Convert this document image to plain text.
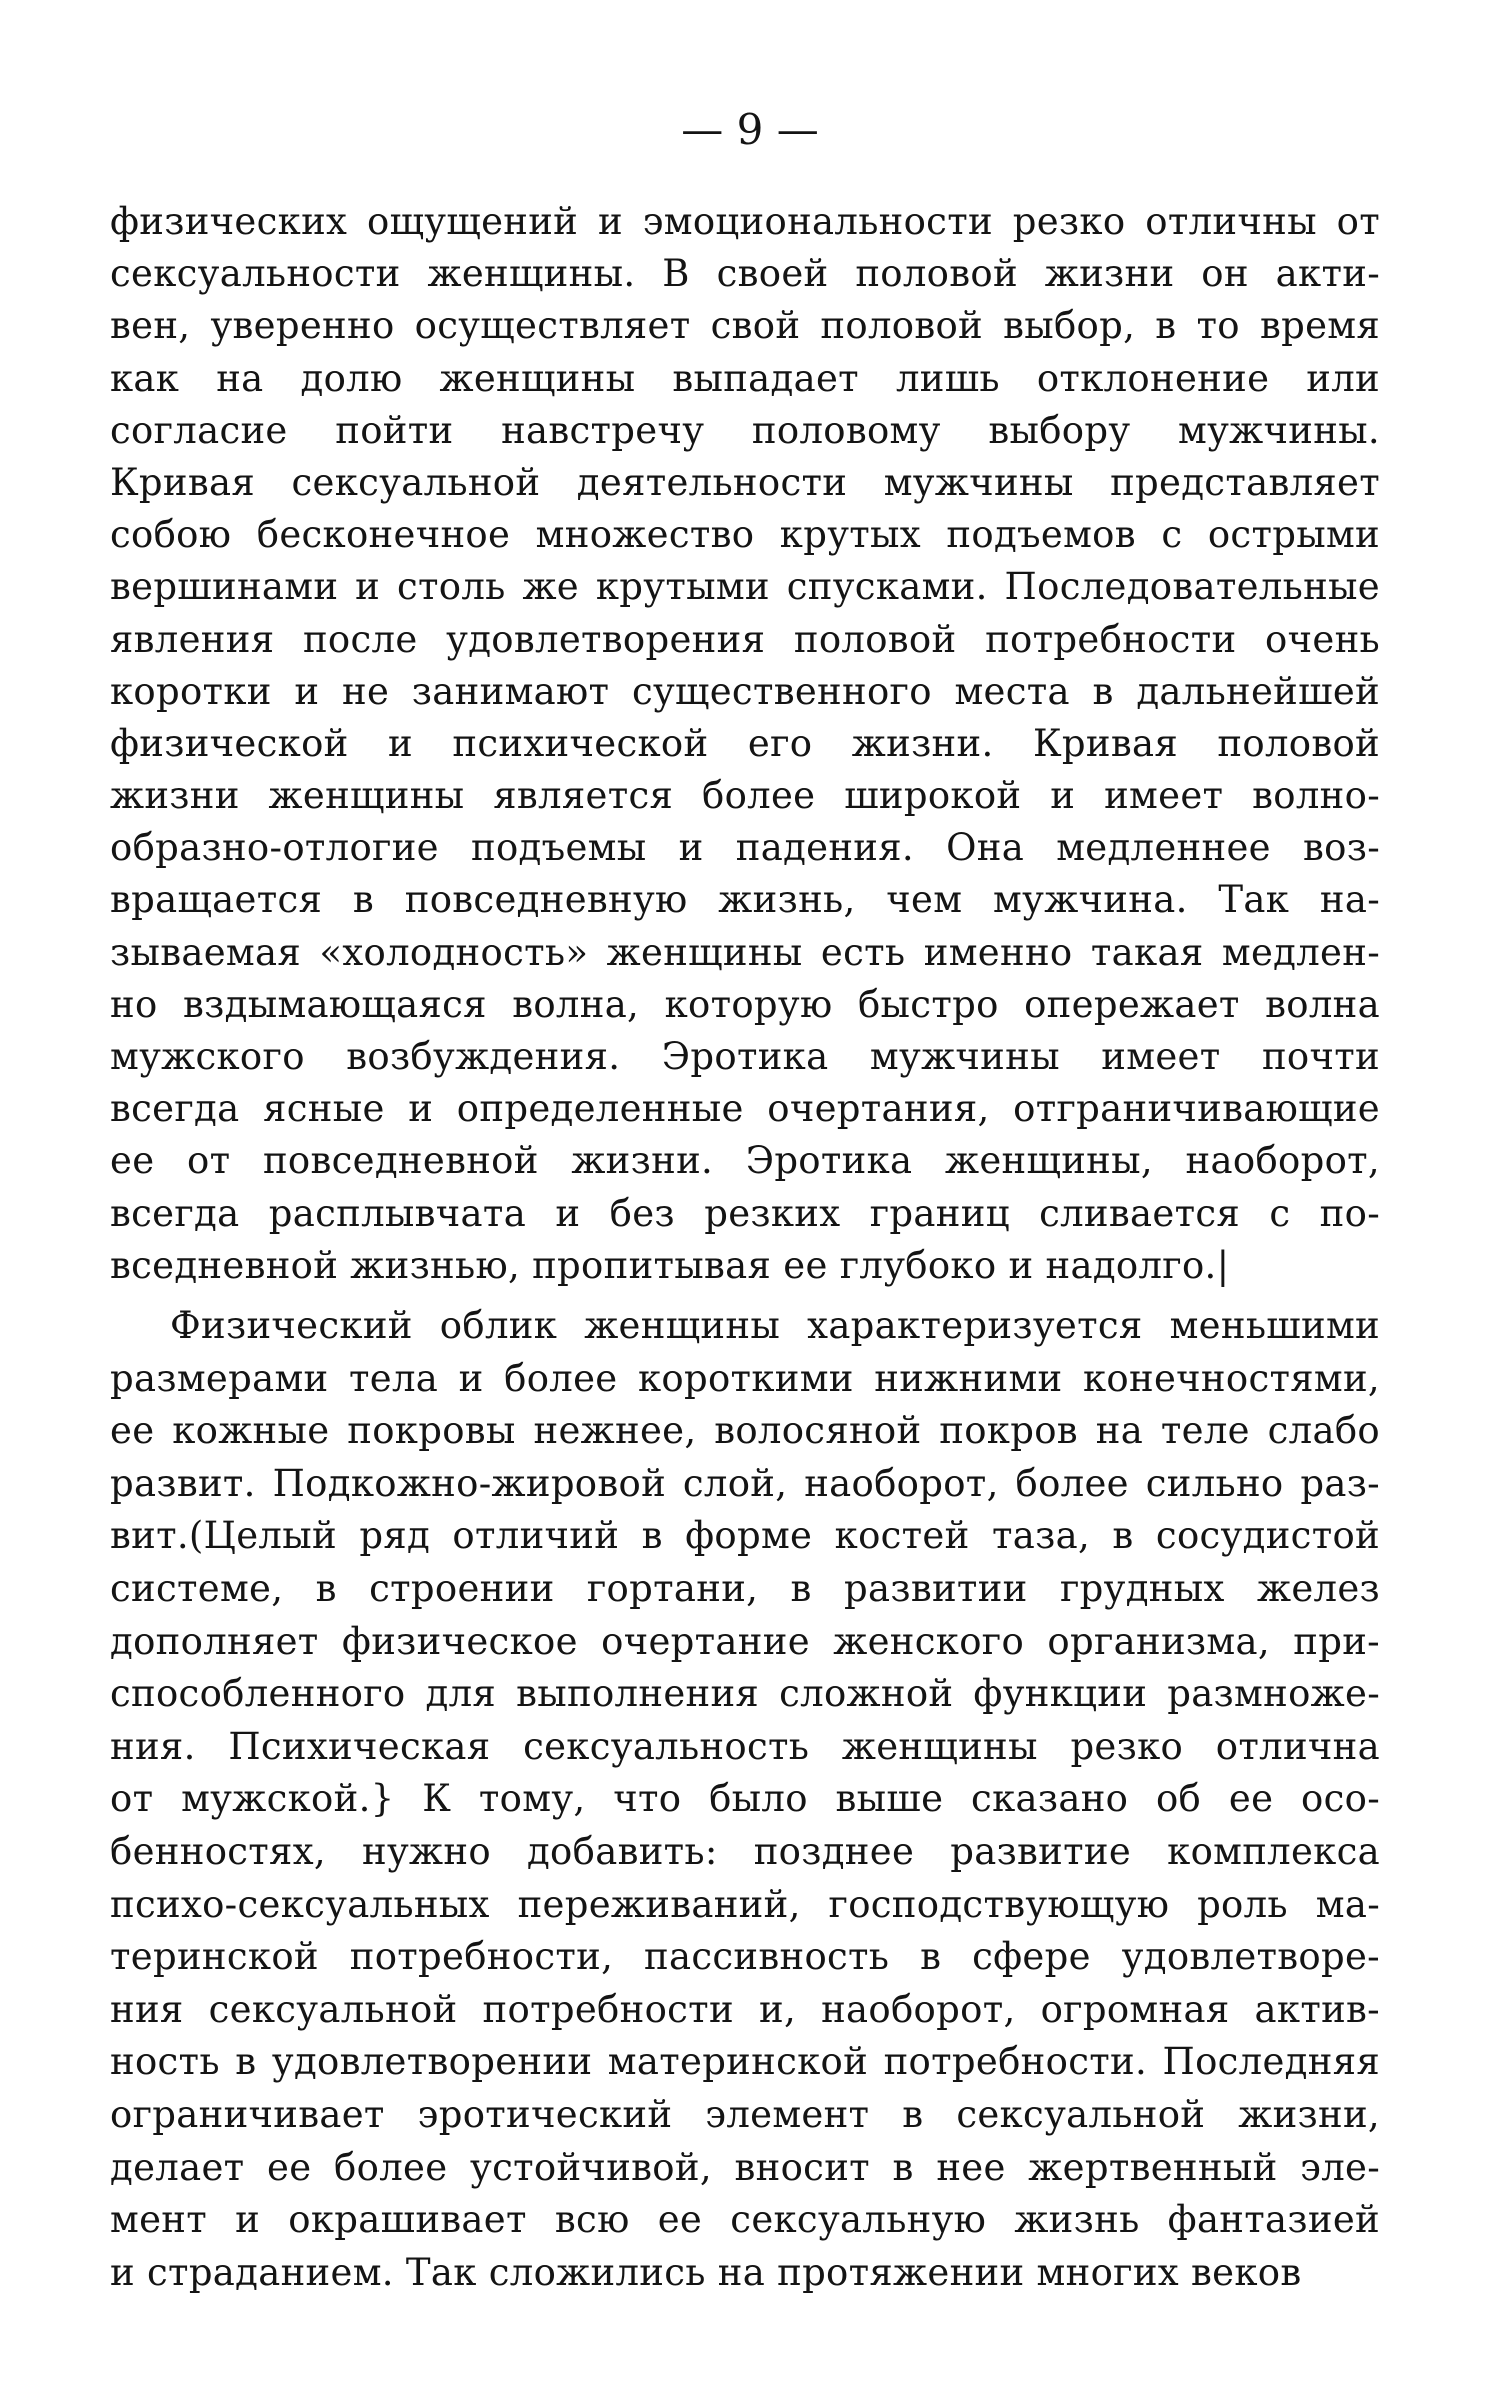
— 9 —
физических ощущений и эмоциональности резко отличны от
сексуальности женщины. В своей половой жизни он акти-
вен, уверенно осуществляет свой половой выбор, в то время
как на долю женщины выпадает лишь отклонение или
согласие пойти навстречу половому выбору мужчины.
Кривая сексуальной деятельности мужчины представляет
собою бесконечное множество крутых подъемов с острыми
вершинами и столь же крутыми спусками. Последовательные
явления после удовлетворения половой потребности очень
коротки и не занимают существенного места в дальнейшей
физической и психической его жизни. Кривая половой
жизни женщины является более широкой и имеет волно-
образно-отлогие подъемы и падения. Она медленнее воз-
вращается в повседневную жизнь, чем мужчина. Так на-
зываемая «холодность» женщины есть именно такая медлен-
но вздымающаяся волна, которую быстро опережает волна
мужского возбуждения. Эротика мужчины имеет почти
всегда ясные и определенные очертания, отграничивающие
ее от повседневной жизни. Эротика женщины, наоборот,
всегда расплывчата и без резких границ сливается с по-
вседневной жизнью, пропитывая ее глубоко и надолго.|
Физический облик женщины характеризуется меньшими
размерами тела и более короткими нижними конечностями,
ее кожные покровы нежнее, волосяной покров на теле слабо
развит. Подкожно-жировой слой, наоборот, более сильно раз-
вит.(Целый ряд отличий в форме костей таза, в сосудистой
системе, в строении гортани, в развитии грудных желез
дополняет физическое очертание женского организма, при-
способленного для выполнения сложной функции размноже-
ния. Психическая сексуальность женщины резко отлична
от мужской.} К тому, что было выше сказано об ее осо-
бенностях, нужно добавить: позднее развитие комплекса
психо-сексуальных переживаний, господствующую роль ма-
теринской потребности, пассивность в сфере удовлетворе-
ния сексуальной потребности и, наоборот, огромная актив-
ность в удовлетворении материнской потребности. Последняя
ограничивает эротический элемент в сексуальной жизни,
делает ее более устойчивой, вносит в нее жертвенный эле-
мент и окрашивает всю ее сексуальную жизнь фантазией
и страданием. Так сложились на протяжении многих веков
